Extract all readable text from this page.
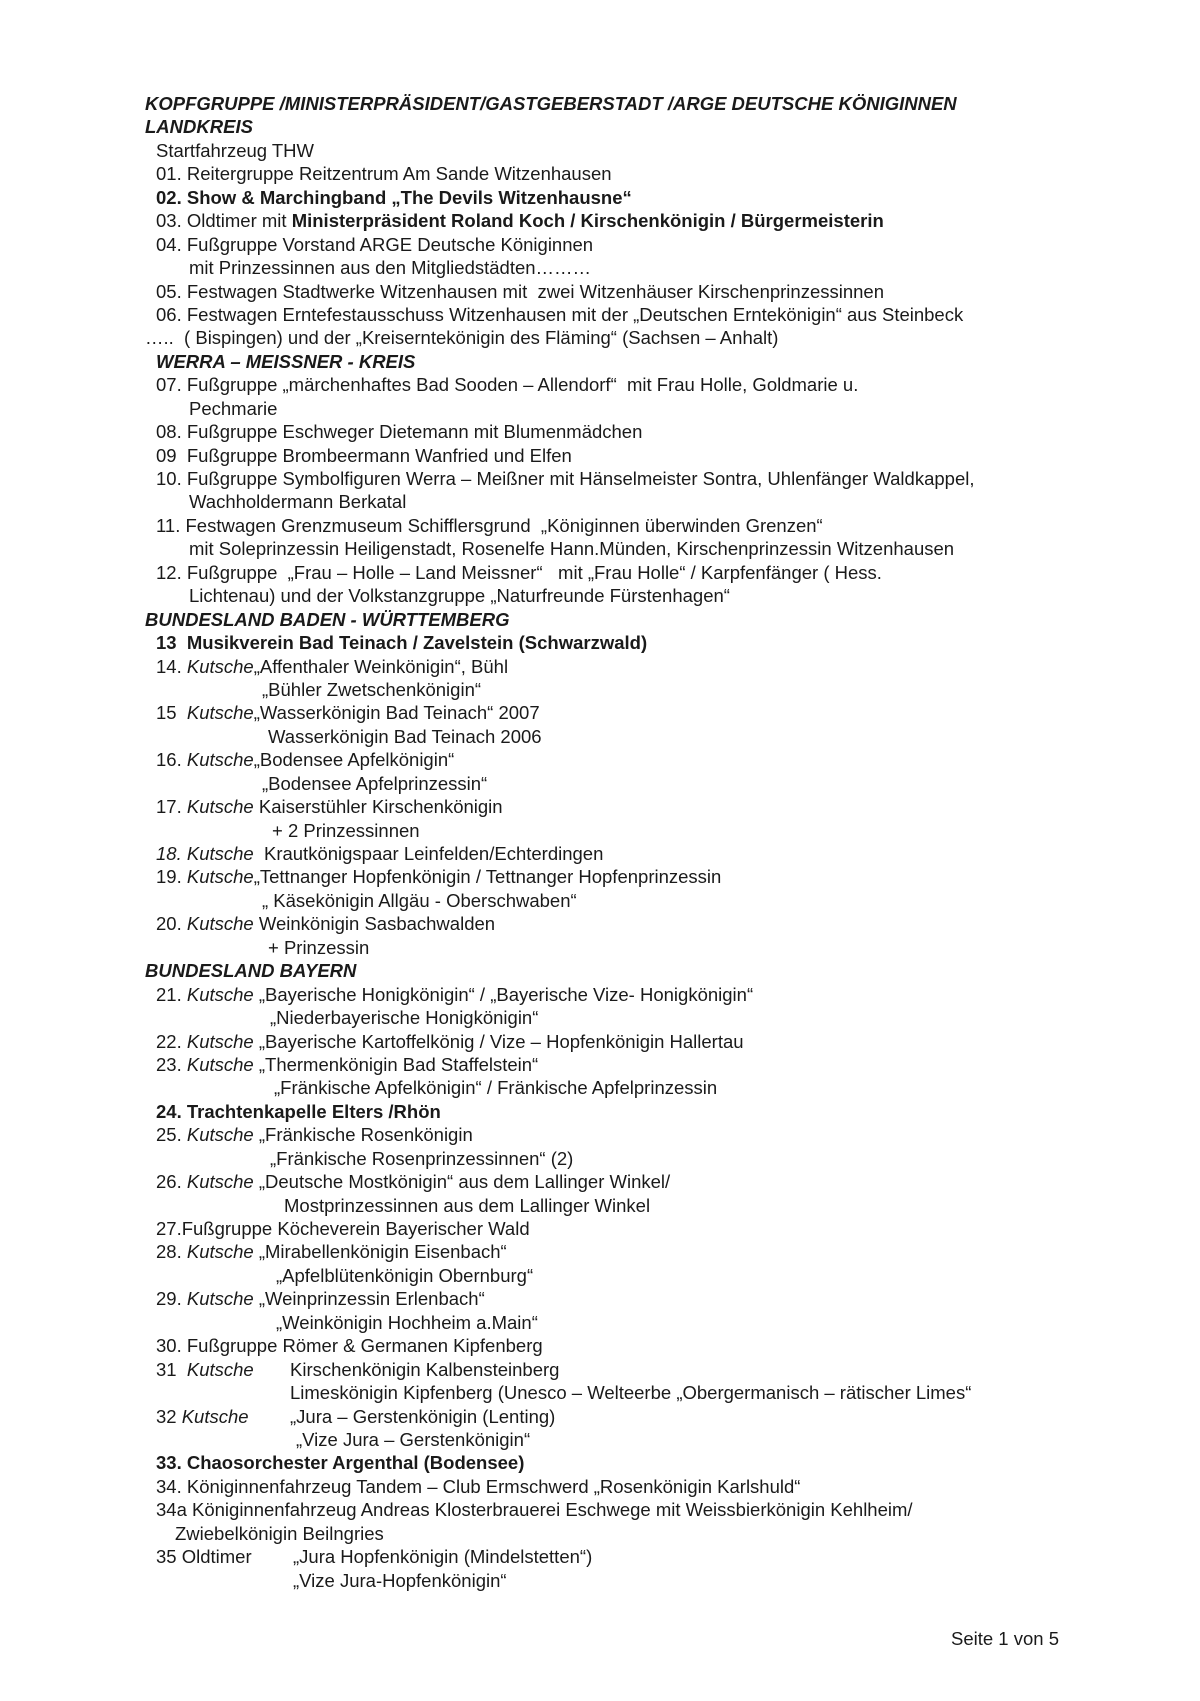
KOPFGRUPPE /MINISTERPRÄSIDENT/GASTGEBERSTADT /ARGE DEUTSCHE KÖNIGINNEN
LANDKREIS
Startfahrzeug THW
01. Reitergruppe Reitzentrum Am Sande Witzenhausen
02. Show & Marchingband „The Devils Witzenhausne“
03. Oldtimer mit Ministerpräsident Roland Koch / Kirschenkönigin / Bürgermeisterin
04. Fußgruppe Vorstand ARGE Deutsche Königinnen
mit Prinzessinnen aus den Mitgliedstädten………
05. Festwagen Stadtwerke Witzenhausen mit  zwei Witzenhäuser Kirschenprinzessinnen
06. Festwagen Erntefestausschuss Witzenhausen mit der „Deutschen Erntekönigin“ aus Steinbeck
…..  ( Bispingen) und der „Kreiserntekönigin des Fläming“ (Sachsen – Anhalt)
WERRA – MEISSNER - KREIS
07. Fußgruppe „märchenhaftes Bad Sooden – Allendorf“  mit Frau Holle, Goldmarie u.
Pechmarie
08. Fußgruppe Eschweger Dietemann mit Blumenmädchen
09  Fußgruppe Brombeermann Wanfried und Elfen
10. Fußgruppe Symbolfiguren Werra – Meißner mit Hänselmeister Sontra, Uhlenfänger Waldkappel,
Wachholdermann Berkatal
11. Festwagen Grenzmuseum Schifflersgrund  „Königinnen überwinden Grenzen“
mit Soleprinzessin Heiligenstadt, Rosenelfe Hann.Münden, Kirschenprinzessin Witzenhausen
12. Fußgruppe  „Frau – Holle – Land Meissner“   mit „Frau Holle“ / Karpfenfänger ( Hess.
Lichtenau) und der Volkstanzgruppe „Naturfreunde Fürstenhagen“
BUNDESLAND BADEN - WÜRTTEMBERG
13  Musikverein Bad Teinach / Zavelstein (Schwarzwald)
14. Kutsche„Affenthaler Weinkönigin“, Bühl
„Bühler Zwetschenkönigin“
15  Kutsche„Wasserkönigin Bad Teinach“ 2007
Wasserkönigin Bad Teinach 2006
16. Kutsche„Bodensee Apfelkönigin“
„Bodensee Apfelprinzessin“
17. Kutsche Kaiserstühler Kirschenkönigin
+ 2 Prinzessinnen
18. Kutsche  Krautkönigspaar Leinfelden/Echterdingen
19. Kutsche„Tettnanger Hopfenkönigin / Tettnanger Hopfenprinzessin
„ Käsekönigin Allgäu - Oberschwaben“
20. Kutsche Weinkönigin Sasbachwalden
+ Prinzessin
BUNDESLAND BAYERN
21. Kutsche „Bayerische Honigkönigin“ / „Bayerische Vize- Honigkönigin“
„Niederbayerische Honigkönigin“
22. Kutsche „Bayerische Kartoffelkönig / Vize – Hopfenkönigin Hallertau
23. Kutsche „Thermenkönigin Bad Staffelstein“
„Fränkische Apfelkönigin“ / Fränkische Apfelprinzessin
24. Trachtenkapelle Elters /Rhön
25. Kutsche „Fränkische Rosenkönigin
„Fränkische Rosenprinzessinnen“ (2)
26. Kutsche „Deutsche Mostkönigin“ aus dem Lallinger Winkel/
Mostprinzessinnen aus dem Lallinger Winkel
27.Fußgruppe Köcheverein Bayerischer Wald
28. Kutsche „Mirabellenkönigin Eisenbach“
„Apfelblütenkönigin Obernburg“
29. Kutsche „Weinprinzessin Erlenbach“
„Weinkönigin Hochheim a.Main“
30. Fußgruppe Römer & Germanen Kipfenberg
31  Kutsche Kirschenkönigin Kalbensteinberg
Limeskönigin Kipfenberg (Unesco – Welteerbe „Obergermanisch – rätischer Limes“
32 Kutsche „Jura – Gerstenkönigin (Lenting)
„Vize Jura – Gerstenkönigin“
33. Chaosorchester Argenthal (Bodensee)
34. Königinnenfahrzeug Tandem – Club Ermschwerd „Rosenkönigin Karlshuld“
34a Königinnenfahrzeug Andreas Klosterbrauerei Eschwege mit Weissbierkönigin Kehlheim/
Zwiebelkönigin Beilngries
35 Oldtimer „Jura Hopfenkönigin (Mindelstetten“)
„Vize Jura-Hopfenkönigin“
Seite 1 von 5
